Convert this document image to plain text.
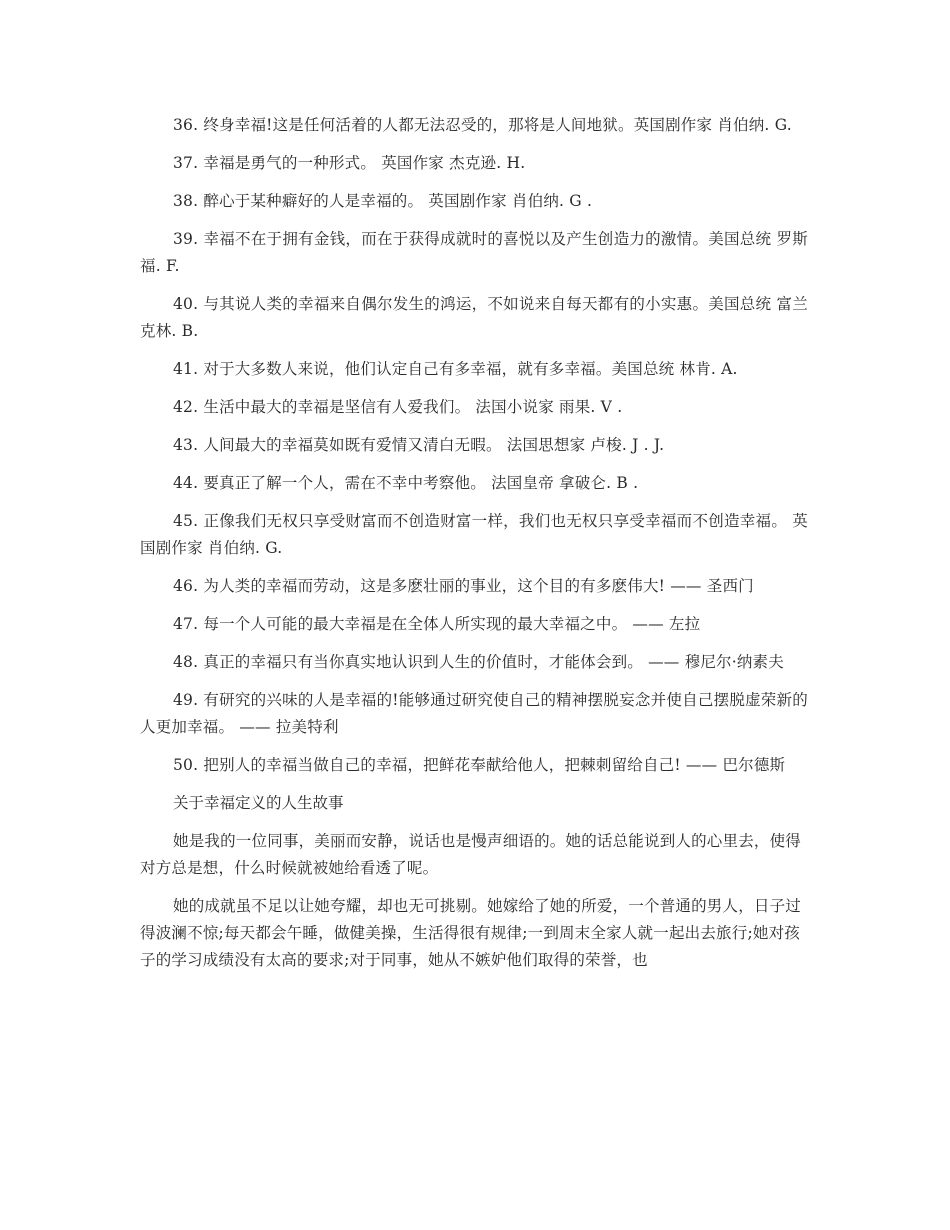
36. 终身幸福!这是任何活着的人都无法忍受的，那将是人间地狱。英国剧作家 肖伯纳. G.

37. 幸福是勇气的一种形式。 英国作家 杰克逊. H.

38. 醉心于某种癖好的人是幸福的。 英国剧作家 肖伯纳. G .

39. 幸福不在于拥有金钱，而在于获得成就时的喜悦以及产生创造力的激情。美国总统 罗斯福. F.

40. 与其说人类的幸福来自偶尔发生的鸿运，不如说来自每天都有的小实惠。美国总统 富兰克林. B.

41. 对于大多数人来说，他们认定自己有多幸福，就有多幸福。美国总统 林肯. A.

42. 生活中最大的幸福是坚信有人爱我们。 法国小说家 雨果. V .

43. 人间最大的幸福莫如既有爱情又清白无暇。 法国思想家 卢梭. J . J.

44. 要真正了解一个人，需在不幸中考察他。 法国皇帝 拿破仑. B .

45. 正像我们无权只享受财富而不创造财富一样，我们也无权只享受幸福而不创造幸福。 英国剧作家 肖伯纳. G.

46. 为人类的幸福而劳动，这是多麽壮丽的事业，这个目的有多麽伟大! —— 圣西门

47. 每一个人可能的最大幸福是在全体人所实现的最大幸福之中。 —— 左拉

48. 真正的幸福只有当你真实地认识到人生的价值时，才能体会到。 —— 穆尼尔·纳素夫

49. 有研究的兴味的人是幸福的!能够通过研究使自己的精神摆脱妄念并使自己摆脱虚荣新的人更加幸福。 —— 拉美特利

50. 把别人的幸福当做自己的幸福，把鲜花奉献给他人，把棘刺留给自己! —— 巴尔德斯

关于幸福定义的人生故事

她是我的一位同事，美丽而安静，说话也是慢声细语的。她的话总能说到人的心里去，使得对方总是想，什么时候就被她给看透了呢。

她的成就虽不足以让她夸耀，却也无可挑剔。她嫁给了她的所爱，一个普通的男人，日子过得波澜不惊;每天都会午睡，做健美操，生活得很有规律;一到周末全家人就一起出去旅行;她对孩子的学习成绩没有太高的要求;对于同事，她从不嫉妒他们取得的荣誉，也
